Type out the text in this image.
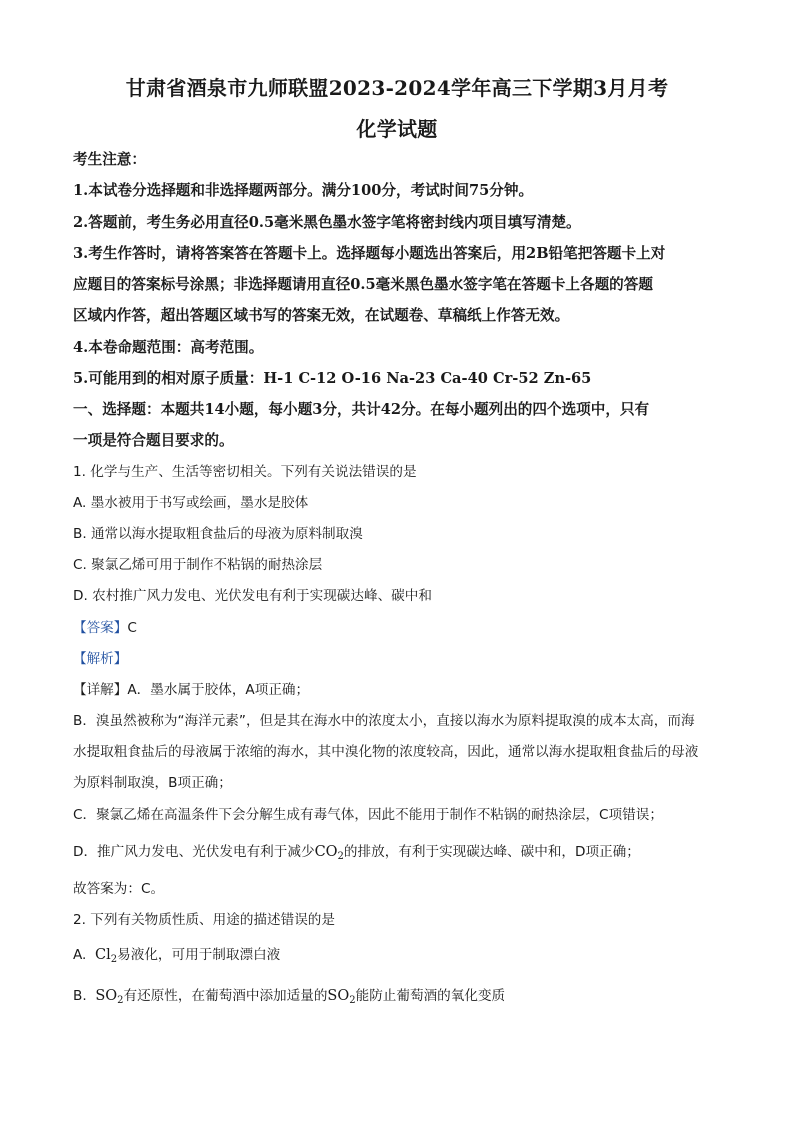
甘肃省酒泉市九师联盟2023-2024学年高三下学期3月月考
化学试题
考生注意：
1.本试卷分选择题和非选择题两部分。满分100分，考试时间75分钟。
2.答题前，考生务必用直径0.5毫米黑色墨水签字笔将密封线内项目填写清楚。
3.考生作答时，请将答案答在答题卡上。选择题每小题选出答案后，用2B铅笔把答题卡上对
应题目的答案标号涂黑；非选择题请用直径0.5毫米黑色墨水签字笔在答题卡上各题的答题
区域内作答，超出答题区域书写的答案无效，在试题卷、草稿纸上作答无效。
4.本卷命题范围：高考范围。
5.可能用到的相对原子质量：H-1 C-12 O-16 Na-23 Ca-40 Cr-52 Zn-65
一、选择题：本题共14小题，每小题3分，共计42分。在每小题列出的四个选项中，只有
一项是符合题目要求的。
1. 化学与生产、生活等密切相关。下列有关说法错误的是
A. 墨水被用于书写或绘画，墨水是胶体
B. 通常以海水提取粗食盐后的母液为原料制取溴
C. 聚氯乙烯可用于制作不粘锅的耐热涂层
D. 农村推广风力发电、光伏发电有利于实现碳达峰、碳中和
【答案】C
【解析】
【详解】A．墨水属于胶体，A项正确；
B．溴虽然被称为“海洋元素”，但是其在海水中的浓度太小，直接以海水为原料提取溴的成本太高，而海
水提取粗食盐后的母液属于浓缩的海水，其中溴化物的浓度较高，因此，通常以海水提取粗食盐后的母液
为原料制取溴，B项正确；
C．聚氯乙烯在高温条件下会分解生成有毒气体，因此不能用于制作不粘锅的耐热涂层，C项错误；
D．推广风力发电、光伏发电有利于减少$CO_2$的排放，有利于实现碳达峰、碳中和，D项正确；
故答案为：C。
2. 下列有关物质性质、用途的描述错误的是
A. $Cl_2$易液化，可用于制取漂白液
B. $SO_2$有还原性，在葡萄酒中添加适量的$SO_2$能防止葡萄酒的氧化变质
